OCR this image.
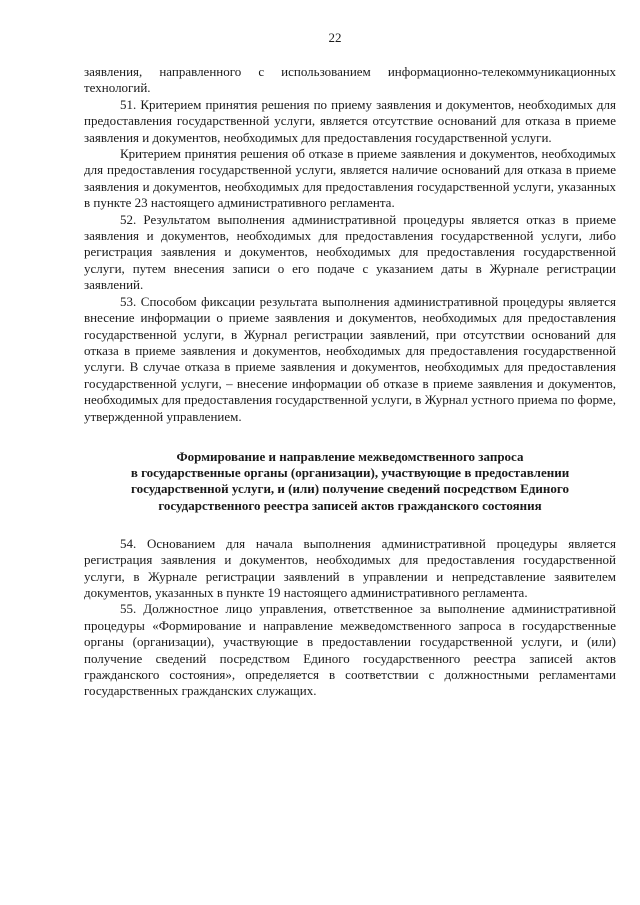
22

заявления, направленного с использованием информационно-телекоммуникационных технологий.

51. Критерием принятия решения по приему заявления и документов, необходимых для предоставления государственной услуги, является отсутствие оснований для отказа в приеме заявления и документов, необходимых для предоставления государственной услуги.

Критерием принятия решения об отказе в приеме заявления и документов, необходимых для предоставления государственной услуги, является наличие оснований для отказа в приеме заявления и документов, необходимых для предоставления государственной услуги, указанных в пункте 23 настоящего административного регламента.

52. Результатом выполнения административной процедуры является отказ в приеме заявления и документов, необходимых для предоставления государственной услуги, либо регистрация заявления и документов, необходимых для предоставления государственной услуги, путем внесения записи о его подаче с указанием даты в Журнале регистрации заявлений.

53. Способом фиксации результата выполнения административной процедуры является внесение информации о приеме заявления и документов, необходимых для предоставления государственной услуги, в Журнал регистрации заявлений, при отсутствии оснований для отказа в приеме заявления и документов, необходимых для предоставления государственной услуги. В случае отказа в приеме заявления и документов, необходимых для предоставления государственной услуги, – внесение информации об отказе в приеме заявления и документов, необходимых для предоставления государственной услуги, в Журнал устного приема по форме, утвержденной управлением.

Формирование и направление межведомственного запроса
в государственные органы (организации), участвующие в предоставлении
государственной услуги, и (или) получение сведений посредством Единого
государственного реестра записей актов гражданского состояния

54. Основанием для начала выполнения административной процедуры является регистрация заявления и документов, необходимых для предоставления государственной услуги, в Журнале регистрации заявлений в управлении и непредставление заявителем документов, указанных в пункте 19 настоящего административного регламента.

55. Должностное лицо управления, ответственное за выполнение административной процедуры «Формирование и направление межведомственного запроса в государственные органы (организации), участвующие в предоставлении государственной услуги, и (или) получение сведений посредством Единого государственного реестра записей актов гражданского состояния», определяется в соответствии с должностными регламентами государственных гражданских служащих.
